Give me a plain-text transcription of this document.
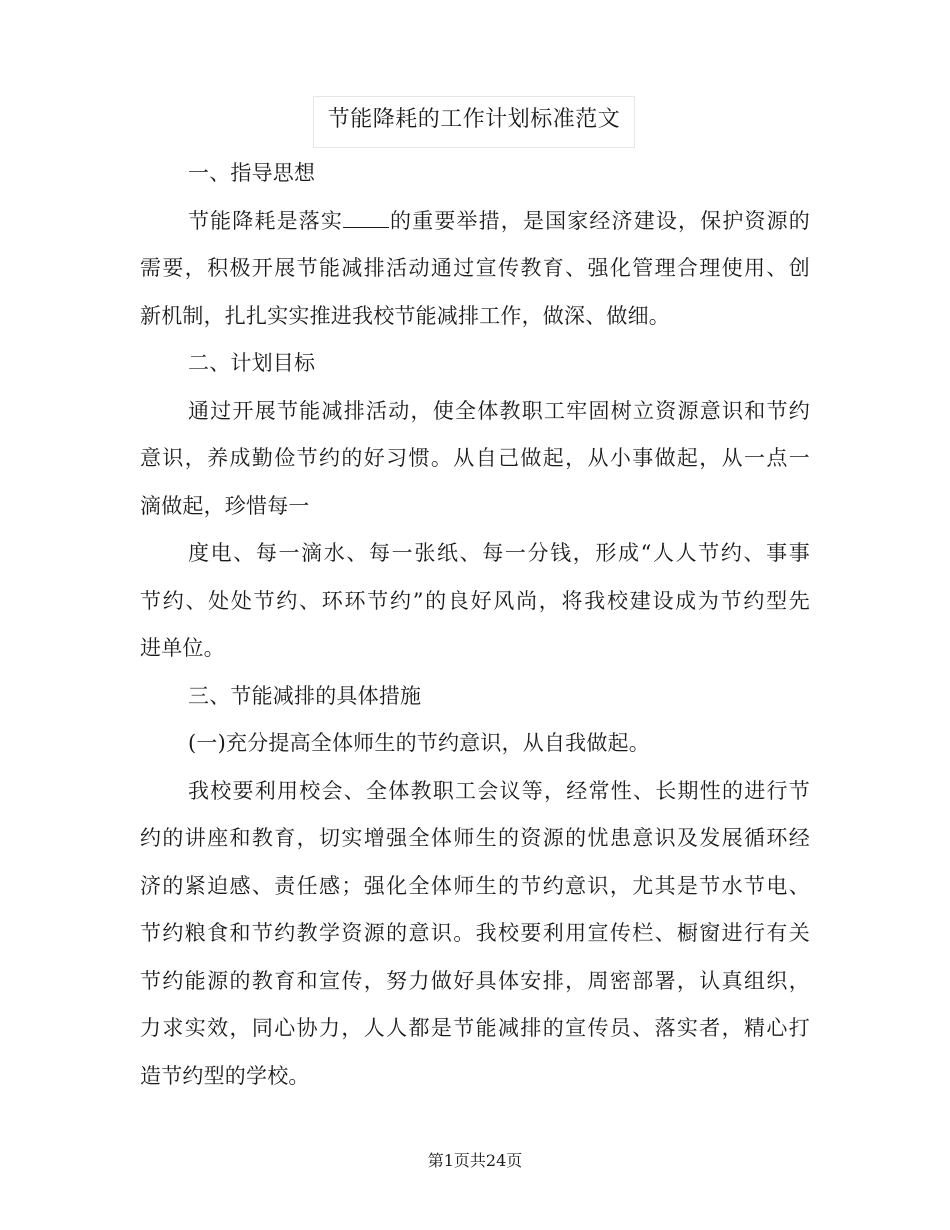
节能降耗的工作计划标准范文
一、指导思想
节能降耗是落实 的重要举措，是国家经济建设，保护资源的
需要，积极开展节能减排活动通过宣传教育、强化管理合理使用、创
新机制，扎扎实实推进我校节能减排工作，做深、做细。
二、计划目标
通过开展节能减排活动，使全体教职工牢固树立资源意识和节约
意识，养成勤俭节约的好习惯。从自己做起，从小事做起，从一点一
滴做起，珍惜每一
度电、每一滴水、每一张纸、每一分钱，形成“人人节约、事事
节约、处处节约、环环节约”的良好风尚，将我校建设成为节约型先
进单位。
三、节能减排的具体措施
(一)充分提高全体师生的节约意识，从自我做起。
我校要利用校会、全体教职工会议等，经常性、长期性的进行节
约的讲座和教育，切实增强全体师生的资源的忧患意识及发展循环经
济的紧迫感、责任感；强化全体师生的节约意识，尤其是节水节电、
节约粮食和节约教学资源的意识。我校要利用宣传栏、橱窗进行有关
节约能源的教育和宣传，努力做好具体安排，周密部署，认真组织，
力求实效，同心协力，人人都是节能减排的宣传员、落实者，精心打
造节约型的学校。
第1页共24页
